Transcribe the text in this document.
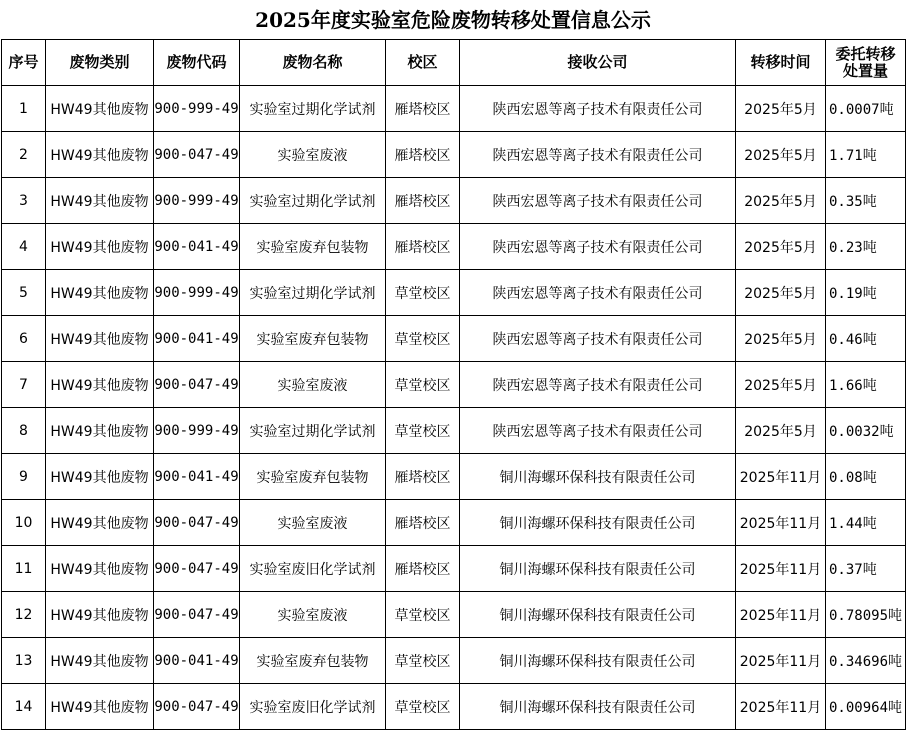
2025年度实验室危险废物转移处置信息公示
序号	废物类别	废物代码	废物名称	校区	接收公司	转移时间	委托转移处置量
1	HW49其他废物	900-999-49	实验室过期化学试剂	雁塔校区	陕西宏恩等离子技术有限责任公司	2025年5月	0.0007吨
2	HW49其他废物	900-047-49	实验室废液	雁塔校区	陕西宏恩等离子技术有限责任公司	2025年5月	1.71吨
3	HW49其他废物	900-999-49	实验室过期化学试剂	雁塔校区	陕西宏恩等离子技术有限责任公司	2025年5月	0.35吨
4	HW49其他废物	900-041-49	实验室废弃包装物	雁塔校区	陕西宏恩等离子技术有限责任公司	2025年5月	0.23吨
5	HW49其他废物	900-999-49	实验室过期化学试剂	草堂校区	陕西宏恩等离子技术有限责任公司	2025年5月	0.19吨
6	HW49其他废物	900-041-49	实验室废弃包装物	草堂校区	陕西宏恩等离子技术有限责任公司	2025年5月	0.46吨
7	HW49其他废物	900-047-49	实验室废液	草堂校区	陕西宏恩等离子技术有限责任公司	2025年5月	1.66吨
8	HW49其他废物	900-999-49	实验室过期化学试剂	草堂校区	陕西宏恩等离子技术有限责任公司	2025年5月	0.0032吨
9	HW49其他废物	900-041-49	实验室废弃包装物	雁塔校区	铜川海螺环保科技有限责任公司	2025年11月	0.08吨
10	HW49其他废物	900-047-49	实验室废液	雁塔校区	铜川海螺环保科技有限责任公司	2025年11月	1.44吨
11	HW49其他废物	900-047-49	实验室废旧化学试剂	雁塔校区	铜川海螺环保科技有限责任公司	2025年11月	0.37吨
12	HW49其他废物	900-047-49	实验室废液	草堂校区	铜川海螺环保科技有限责任公司	2025年11月	0.78095吨
13	HW49其他废物	900-041-49	实验室废弃包装物	草堂校区	铜川海螺环保科技有限责任公司	2025年11月	0.34696吨
14	HW49其他废物	900-047-49	实验室废旧化学试剂	草堂校区	铜川海螺环保科技有限责任公司	2025年11月	0.00964吨
